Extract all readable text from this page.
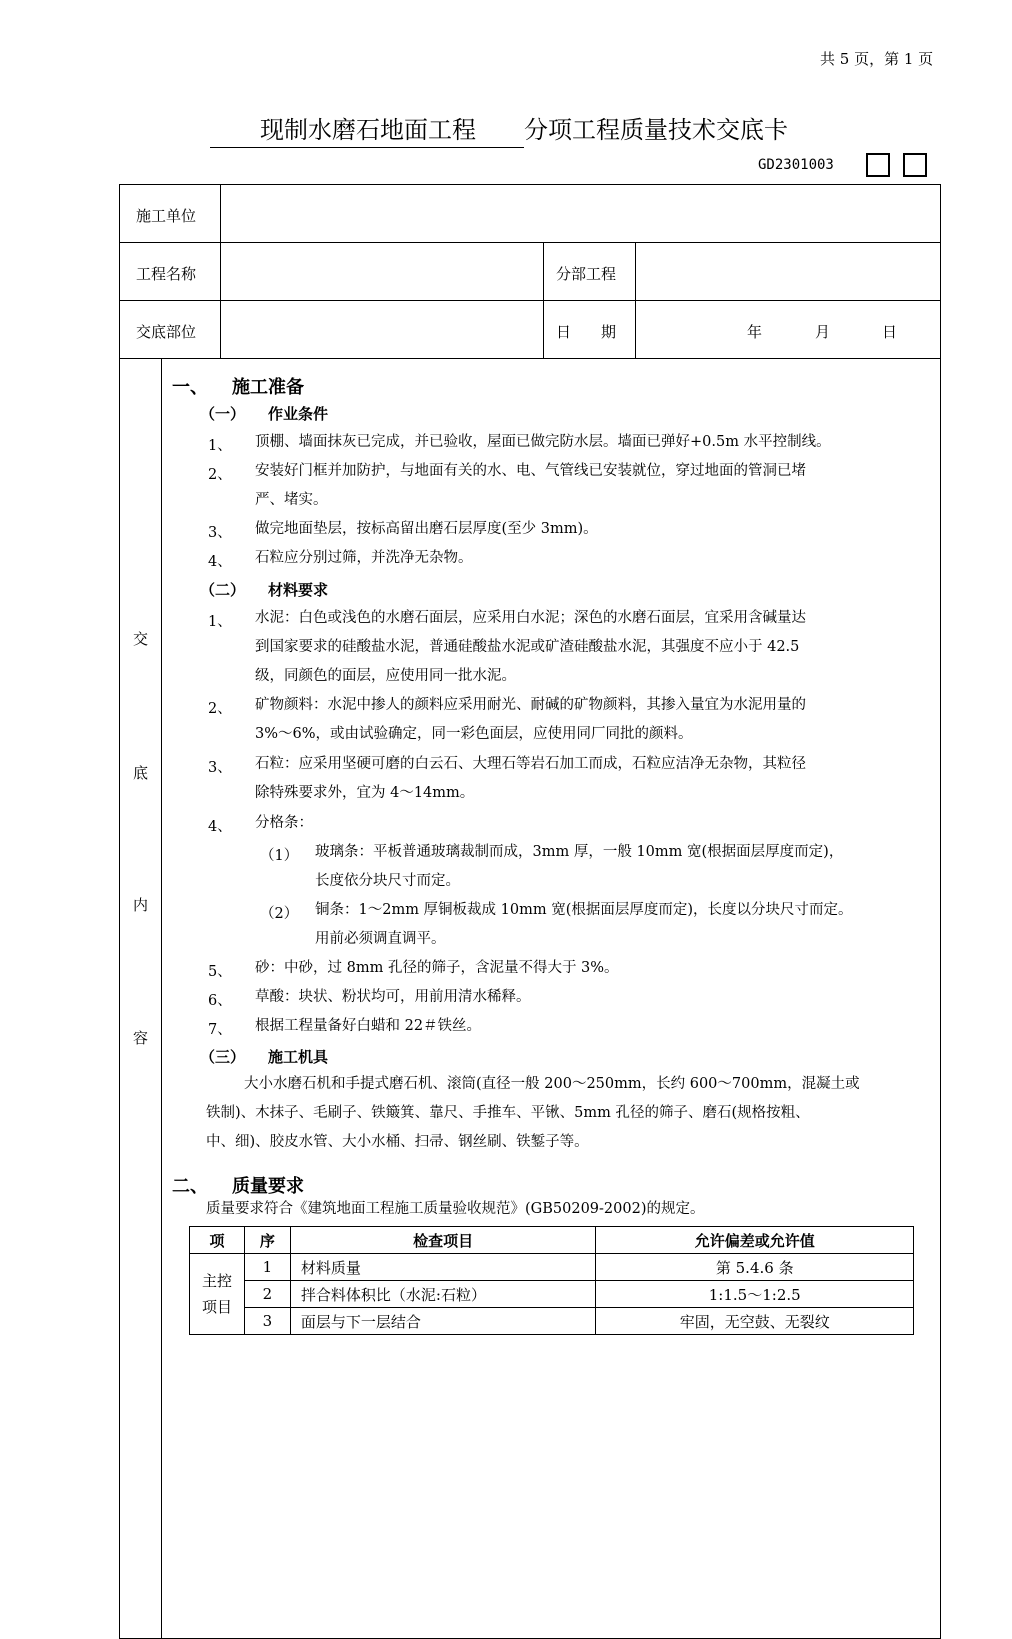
共 5 页，第 1 页
现制水磨石地面工程 分项工程质量技术交底卡
GD2301003
施工单位
工程名称	分部工程
交底部位	日　　期	年	月	日
交
底
内
容
一、 施工准备
（一） 作业条件
1、 顶棚、墙面抹灰已完成，并已验收，屋面已做完防水层。墙面已弹好+0.5m 水平控制线。
2、 安装好门框并加防护，与地面有关的水、电、气管线已安装就位，穿过地面的管洞已堵
严、堵实。
3、 做完地面垫层，按标高留出磨石层厚度(至少 3mm)。
4、 石粒应分别过筛，并洗净无杂物。
（二） 材料要求
1、 水泥：白色或浅色的水磨石面层，应采用白水泥；深色的水磨石面层，宜采用含碱量达
到国家要求的硅酸盐水泥，普通硅酸盐水泥或矿渣硅酸盐水泥，其强度不应小于 42.5
级，同颜色的面层，应使用同一批水泥。
2、 矿物颜料：水泥中掺人的颜料应采用耐光、耐碱的矿物颜料，其掺入量宜为水泥用量的
3%～6%，或由试验确定，同一彩色面层，应使用同厂同批的颜料。
3、 石粒：应采用坚硬可磨的白云石、大理石等岩石加工而成，石粒应洁净无杂物，其粒径
除特殊要求外，宜为 4～14mm。
4、 分格条：
（1） 玻璃条：平板普通玻璃裁制而成，3mm 厚，一般 10mm 宽(根据面层厚度而定)，
长度依分块尺寸而定。
（2） 铜条：1～2mm 厚铜板裁成 10mm 宽(根据面层厚度而定)，长度以分块尺寸而定。
用前必须调直调平。
5、 砂：中砂，过 8mm 孔径的筛子，含泥量不得大于 3%。
6、 草酸：块状、粉状均可，用前用清水稀释。
7、 根据工程量备好白蜡和 22＃铁丝。
（三） 施工机具
大小水磨石机和手提式磨石机、滚筒(直径一般 200～250mm，长约 600～700mm，混凝土或
铁制)、木抹子、毛刷子、铁簸箕、靠尺、手推车、平锹、5mm 孔径的筛子、磨石(规格按粗、
中、细)、胶皮水管、大小水桶、扫帚、钢丝刷、铁錾子等。
二、 质量要求
质量要求符合《建筑地面工程施工质量验收规范》(GB50209-2002)的规定。
项	序	检查项目	允许偏差或允许值

主控项目	1	材料质量	第 5.4.6 条
	2	拌合料体积比（水泥:石粒）	1:1.5～1:2.5
	3	面层与下一层结合	牢固，无空鼓、无裂纹
